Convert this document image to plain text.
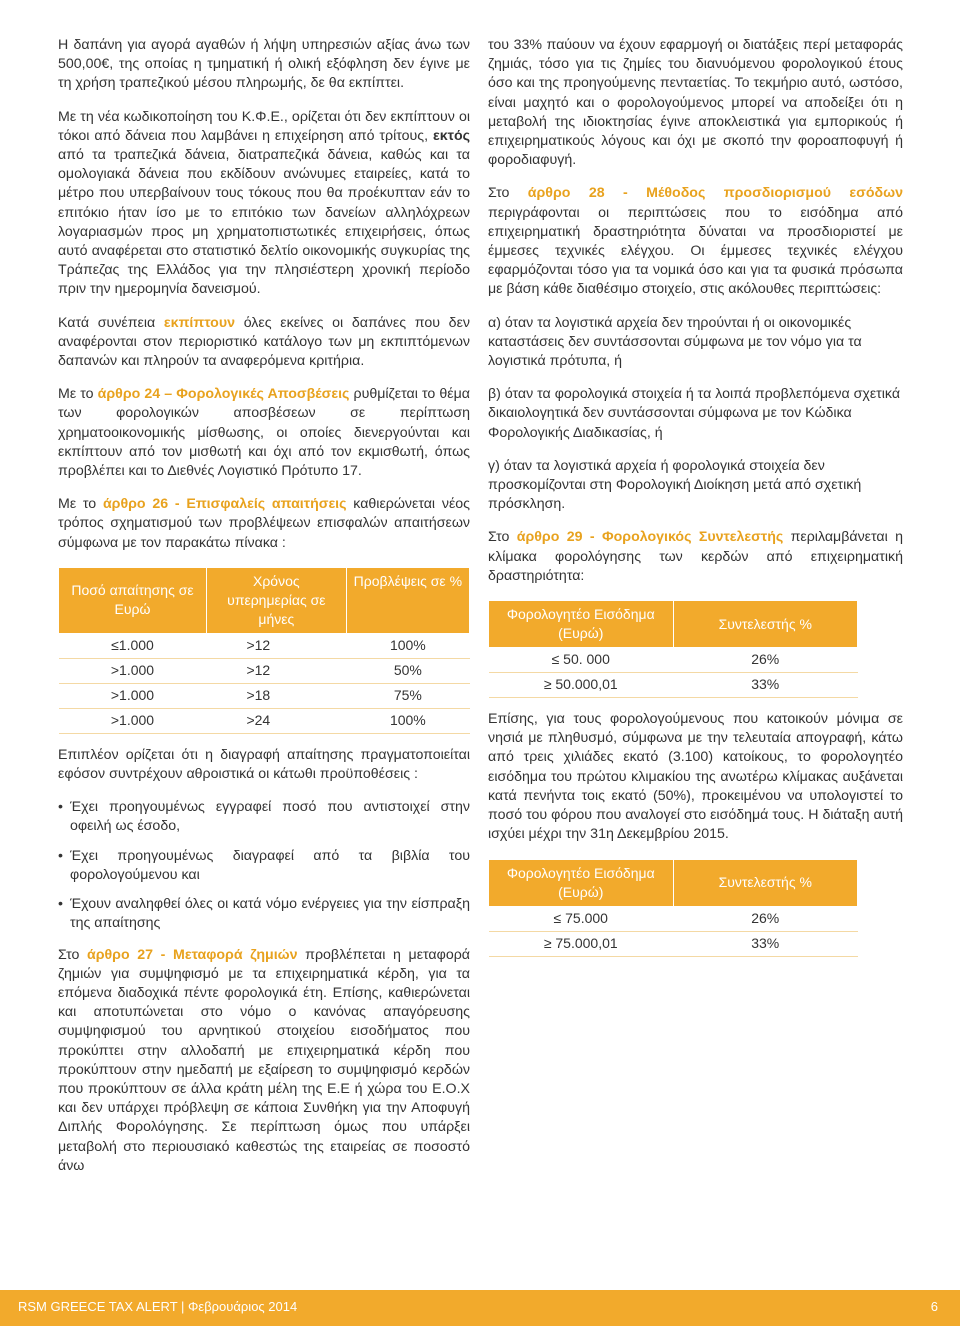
Η δαπάνη για αγορά αγαθών ή λήψη υπηρεσιών αξίας άνω των 500,00€, της οποίας η τμηματική ή ολική εξόφληση δεν έγινε με τη χρήση τραπεζικού μέσου πληρωμής, δε θα εκπίπτει.

Με τη νέα κωδικοποίηση του Κ.Φ.Ε., ορίζεται ότι δεν εκπίπτουν οι τόκοι από δάνεια που λαμβάνει η επιχείρηση από τρίτους, εκτός από τα τραπεζικά δάνεια, διατραπεζικά δάνεια, καθώς και τα ομολογιακά δάνεια που εκδίδουν ανώνυμες εταιρείες, κατά το μέτρο που υπερβαίνουν τους τόκους που θα προέκυπταν εάν το επιτόκιο ήταν ίσο με το επιτόκιο των δανείων αλληλόχρεων λογαριασμών προς μη χρηματοπιστωτικές επιχειρήσεις, όπως αυτό αναφέρεται στο στατιστικό δελτίο οικονομικής συγκυρίας της Τράπεζας της Ελλάδος για την πλησιέστερη χρονική περίοδο πριν την ημερομηνία δανεισμού.

Κατά συνέπεια εκπίπτουν όλες εκείνες οι δαπάνες που δεν αναφέρονται στον περιοριστικό κατάλογο των μη εκπιπτόμενων δαπανών και πληρούν τα αναφερόμενα κριτήρια.

Με το άρθρο 24 – Φορολογικές Αποσβέσεις ρυθμίζεται το θέμα των φορολογικών αποσβέσεων σε περίπτωση χρηματοοικονομικής μίσθωσης, οι οποίες διενεργούνται και εκπίπτουν από τον μισθωτή και όχι από τον εκμισθωτή, όπως προβλέπει και το Διεθνές Λογιστικό Πρότυπο 17.

Με το άρθρο 26 - Επισφαλείς απαιτήσεις καθιερώνεται νέος τρόπος σχηματισμού των προβλέψεων επισφαλών απαιτήσεων σύμφωνα με τον παρακάτω πίνακα :

Ποσό απαίτησης σε Ευρώ	Χρόνος υπερημερίας σε μήνες	Προβλέψεις σε %
≤1.000	>12	100%
>1.000	>12	50%
>1.000	>18	75%
>1.000	>24	100%

Επιπλέον ορίζεται ότι η διαγραφή απαίτησης πραγματοποιείται εφόσον συντρέχουν αθροιστικά οι κάτωθι προϋποθέσεις :

• Έχει προηγουμένως εγγραφεί ποσό που αντιστοιχεί στην οφειλή ως έσοδο,
• Έχει προηγουμένως διαγραφεί από τα βιβλία του φορολογούμενου και
• Έχουν αναληφθεί όλες οι κατά νόμο ενέργειες για την είσπραξη της απαίτησης

Στο άρθρο 27 - Μεταφορά ζημιών προβλέπεται η μεταφορά ζημιών για συμψηφισμό με τα επιχειρηματικά κέρδη, για τα επόμενα διαδοχικά πέντε φορολογικά έτη. Επίσης, καθιερώνεται και αποτυπώνεται στο νόμο ο κανόνας απαγόρευσης συμψηφισμού του αρνητικού στοιχείου εισοδήματος που προκύπτει στην αλλοδαπή με επιχειρηματικά κέρδη που προκύπτουν στην ημεδαπή με εξαίρεση το συμψηφισμό κερδών που προκύπτουν σε άλλα κράτη μέλη της Ε.Ε ή χώρα του Ε.Ο.Χ και δεν υπάρχει πρόβλεψη σε κάποια Συνθήκη για την Αποφυγή Διπλής Φορολόγησης. Σε περίπτωση όμως που υπάρξει μεταβολή στο περιουσιακό καθεστώς της εταιρείας σε ποσοστό άνω

του 33% παύουν να έχουν εφαρμογή οι διατάξεις περί μεταφοράς ζημιάς, τόσο για τις ζημίες του διανυόμενου φορολογικού έτους όσο και της προηγούμενης πενταετίας. Το τεκμήριο αυτό, ωστόσο, είναι μαχητό και ο φορολογούμενος μπορεί να αποδείξει ότι η μεταβολή της ιδιοκτησίας έγινε αποκλειστικά για εμπορικούς ή επιχειρηματικούς λόγους και όχι με σκοπό την φοροαποφυγή ή φοροδιαφυγή.

Στο άρθρο 28 - Μέθοδος προσδιορισμού εσόδων περιγράφονται οι περιπτώσεις που το εισόδημα από επιχειρηματική δραστηριότητα δύναται να προσδιοριστεί με έμμεσες τεχνικές ελέγχου. Οι έμμεσες τεχνικές ελέγχου εφαρμόζονται τόσο για τα νομικά όσο και για τα φυσικά πρόσωπα με βάση κάθε διαθέσιμο στοιχείο, στις ακόλουθες περιπτώσεις:

α) όταν τα λογιστικά αρχεία δεν τηρούνται ή οι οικονομικές καταστάσεις δεν συντάσσονται σύμφωνα με τον νόμο για τα λογιστικά πρότυπα, ή

β) όταν τα φορολογικά στοιχεία ή τα λοιπά προβλεπόμενα σχετικά δικαιολογητικά δεν συντάσσονται σύμφωνα με τον Κώδικα Φορολογικής Διαδικασίας, ή

γ) όταν τα λογιστικά αρχεία ή φορολογικά στοιχεία δεν προσκομίζονται στη Φορολογική Διοίκηση μετά από σχετική πρόσκληση.

Στο άρθρο 29 - Φορολογικός Συντελεστής περιλαμβάνεται η κλίμακα φορολόγησης των κερδών από επιχειρηματική δραστηριότητα:

Φορολογητέο Εισόδημα (Ευρώ)	Συντελεστής %
≤ 50. 000	26%
≥ 50.000,01	33%

Επίσης, για τους φορολογούμενους που κατοικούν μόνιμα σε νησιά με πληθυσμό, σύμφωνα με την τελευταία απογραφή, κάτω από τρεις χιλιάδες εκατό (3.100) κατοίκους, το φορολογητέο εισόδημα του πρώτου κλιμακίου της ανωτέρω κλίμακας αυξάνεται κατά πενήντα τοις εκατό (50%), προκειμένου να υπολογιστεί το ποσό του φόρου που αναλογεί στο εισόδημά τους. Η διάταξη αυτή ισχύει μέχρι την 31η Δεκεμβρίου 2015.

Φορολογητέο Εισόδημα (Ευρώ)	Συντελεστής %
≤ 75.000	26%
≥ 75.000,01	33%
RSM GREECE TAX ALERT | Φεβρουάριος 2014	6
